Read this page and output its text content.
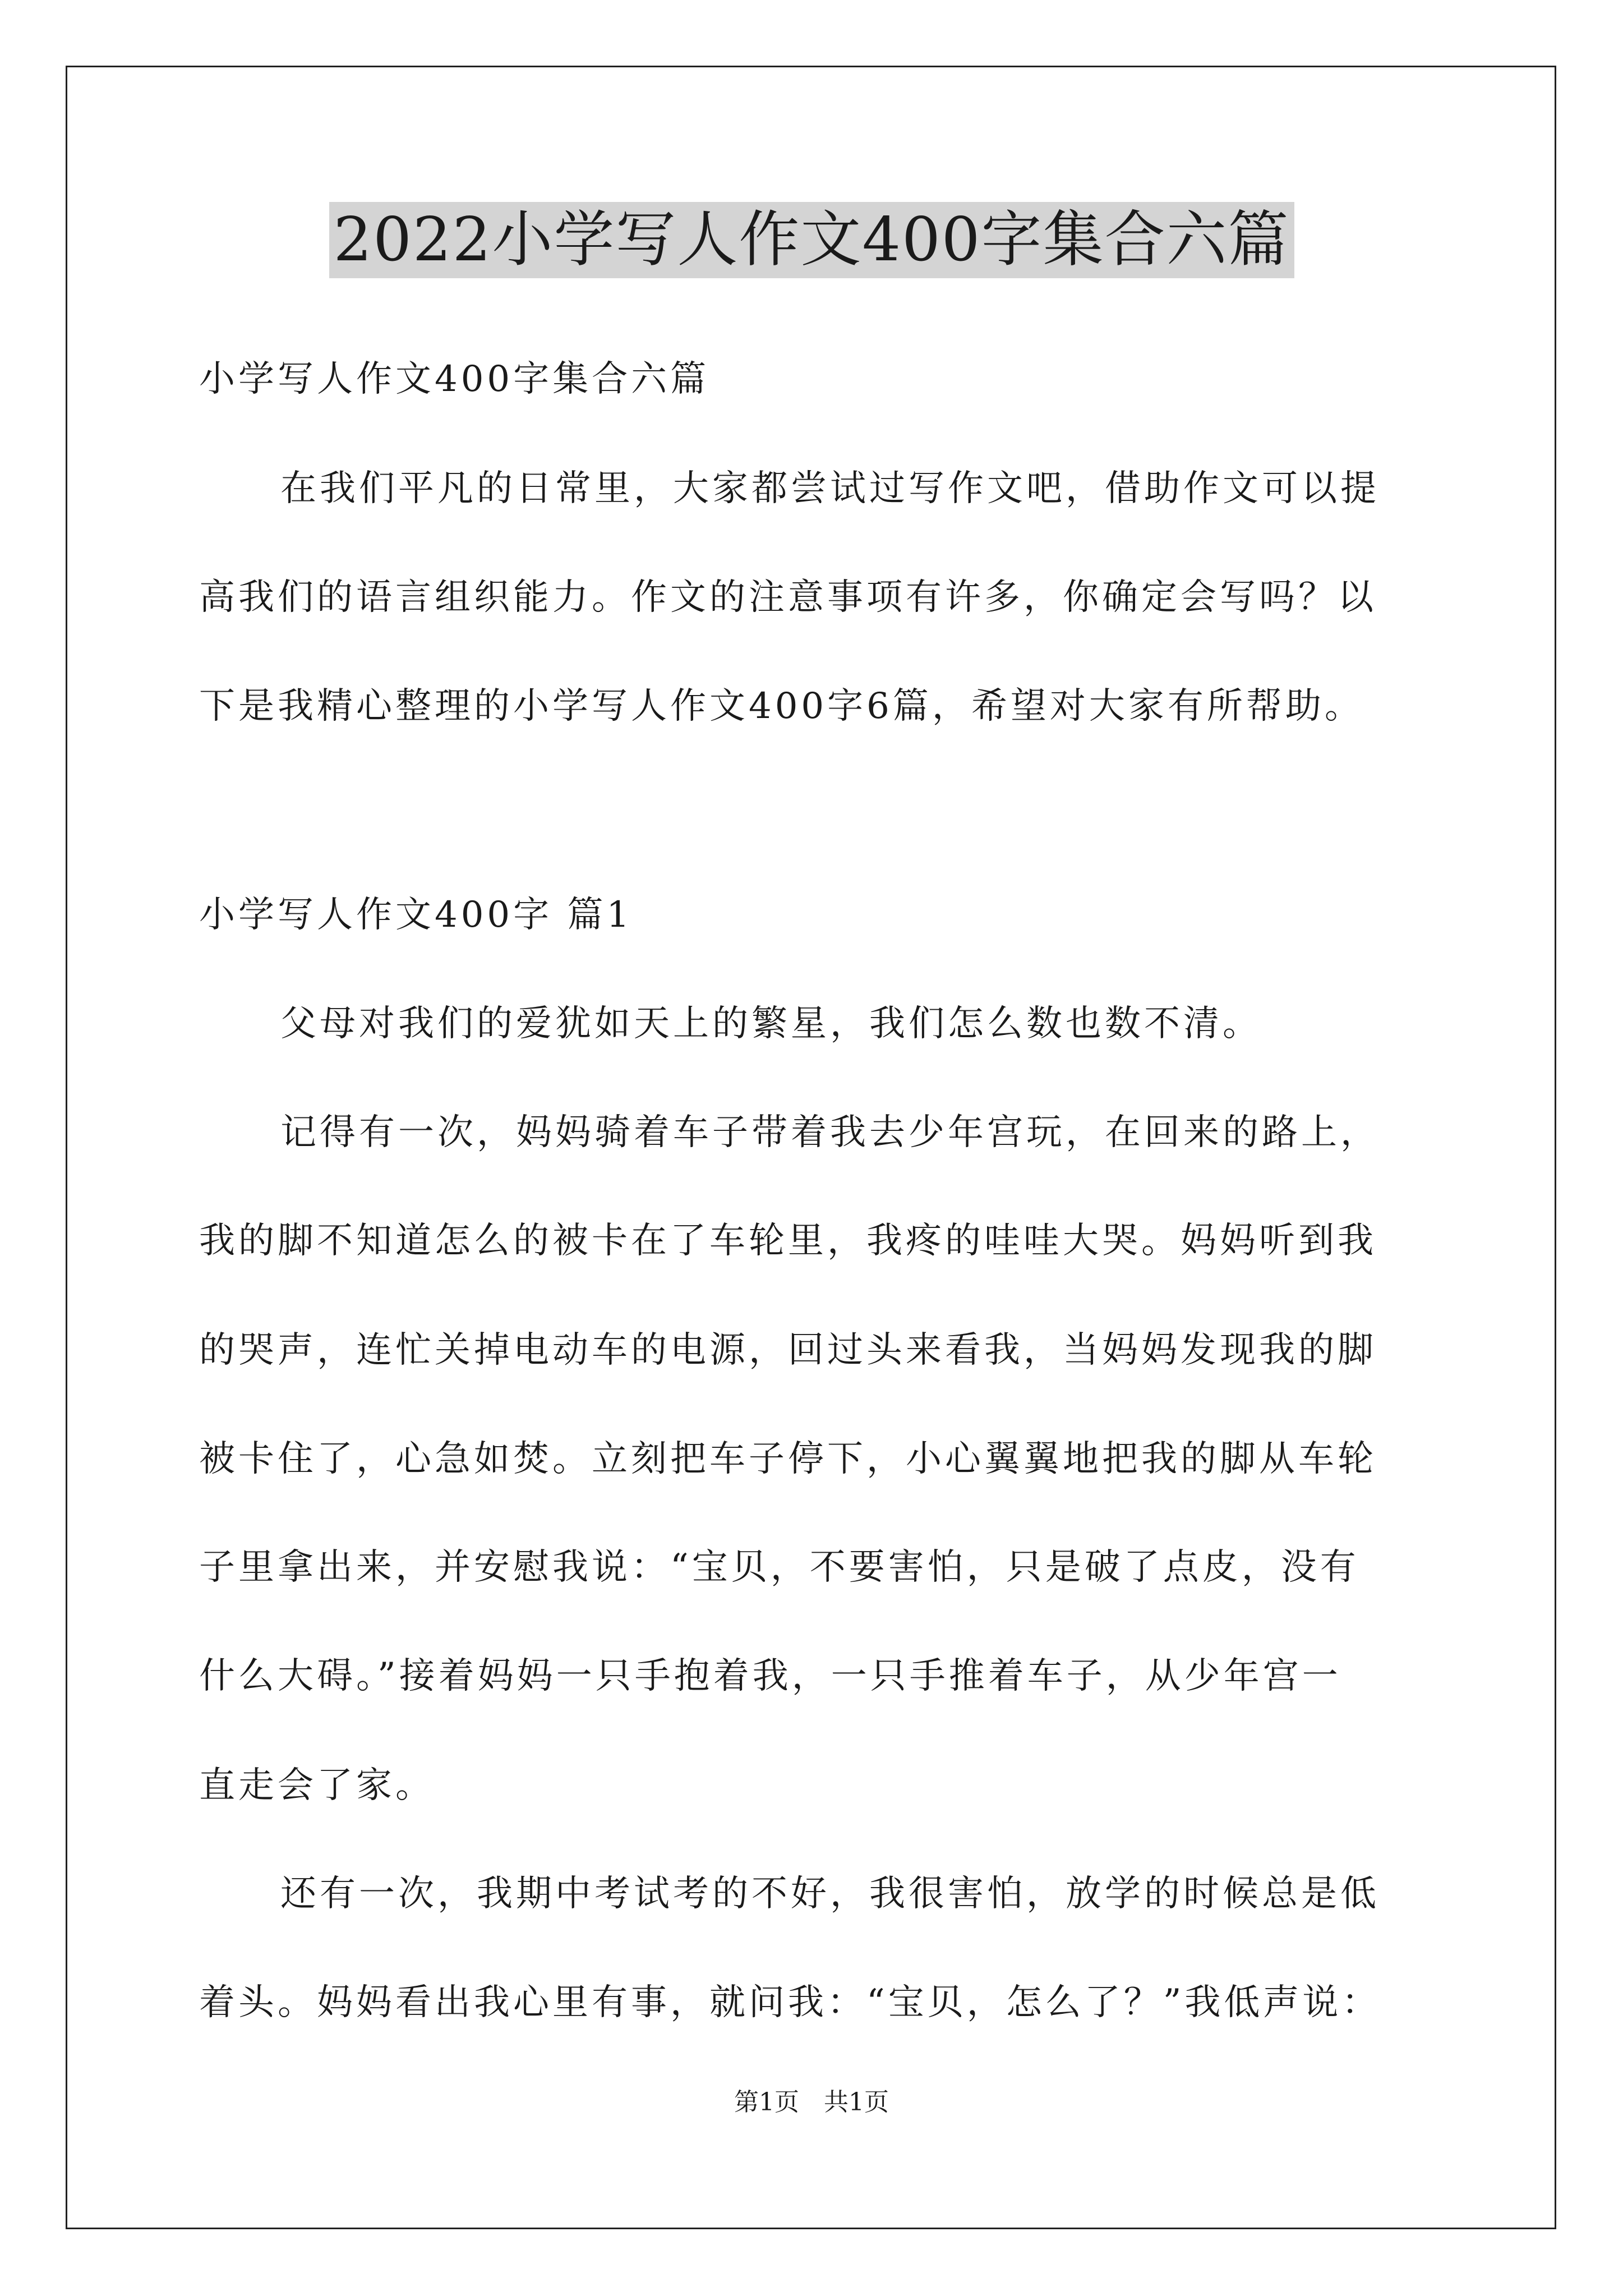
2022小学写人作文400字集合六篇
小学写人作文400字集合六篇
在我们平凡的日常里，大家都尝试过写作文吧，借助作文可以提
高我们的语言组织能力。作文的注意事项有许多，你确定会写吗？以
下是我精心整理的小学写人作文400字6篇，希望对大家有所帮助。
小学写人作文400字 篇1
父母对我们的爱犹如天上的繁星，我们怎么数也数不清。
记得有一次，妈妈骑着车子带着我去少年宫玩，在回来的路上，
我的脚不知道怎么的被卡在了车轮里，我疼的哇哇大哭。妈妈听到我
的哭声，连忙关掉电动车的电源，回过头来看我，当妈妈发现我的脚
被卡住了，心急如焚。立刻把车子停下，小心翼翼地把我的脚从车轮
子里拿出来，并安慰我说：“宝贝，不要害怕，只是破了点皮，没有
什么大碍。”接着妈妈一只手抱着我，一只手推着车子，从少年宫一
直走会了家。
还有一次，我期中考试考的不好，我很害怕，放学的时候总是低
着头。妈妈看出我心里有事，就问我：“宝贝，怎么了？”我低声说：
第1页　共1页
